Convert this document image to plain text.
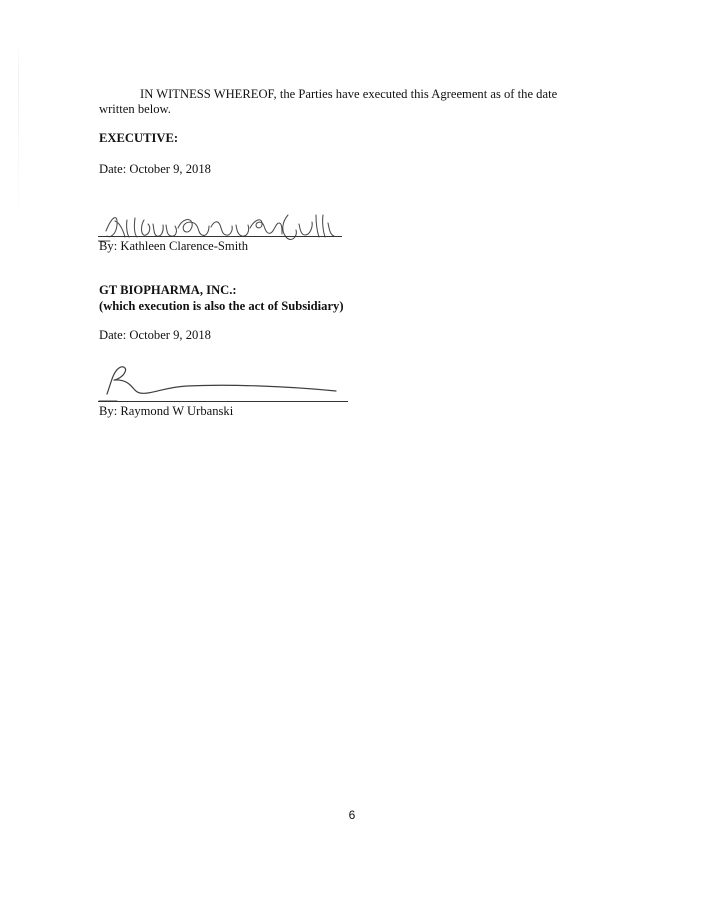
IN WITNESS WHEREOF, the Parties have executed this Agreement as of the date
written below.
EXECUTIVE:
Date: October 9, 2018
By: Kathleen Clarence-Smith
GT BIOPHARMA, INC.:
(which execution is also the act of Subsidiary)
Date: October 9, 2018
By: Raymond W Urbanski
6
